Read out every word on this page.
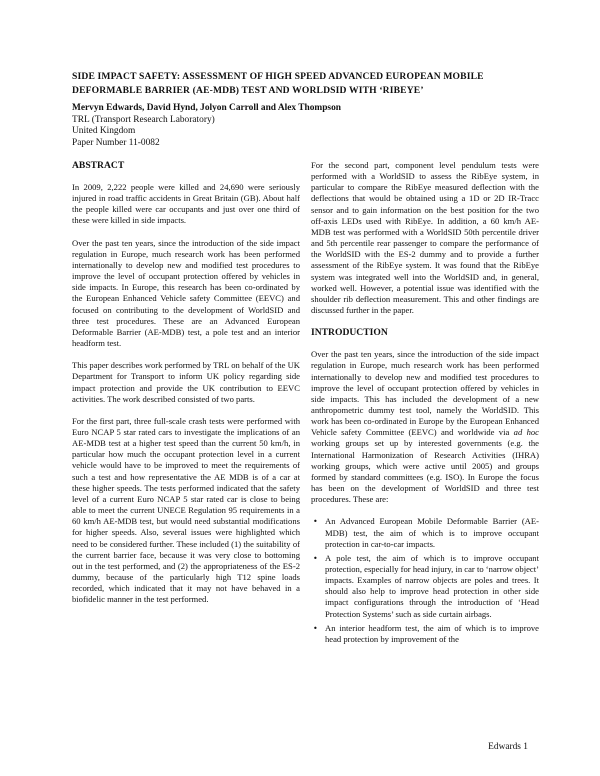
SIDE IMPACT SAFETY: ASSESSMENT OF HIGH SPEED ADVANCED EUROPEAN MOBILE DEFORMABLE BARRIER (AE-MDB) TEST AND WORLDSID WITH ‘RIBEYE’
Mervyn Edwards, David Hynd, Jolyon Carroll and Alex Thompson
TRL (Transport Research Laboratory)
United Kingdom
Paper Number 11-0082
ABSTRACT

In 2009, 2,222 people were killed and 24,690 were seriously injured in road traffic accidents in Great Britain (GB). About half the people killed were car occupants and just over one third of these were killed in side impacts.

Over the past ten years, since the introduction of the side impact regulation in Europe, much research work has been performed internationally to develop new and modified test procedures to improve the level of occupant protection offered by vehicles in side impacts. In Europe, this research has been co-ordinated by the European Enhanced Vehicle safety Committee (EEVC) and focused on contributing to the development of WorldSID and three test procedures. These are an Advanced European Deformable Barrier (AE-MDB) test, a pole test and an interior headform test.

This paper describes work performed by TRL on behalf of the UK Department for Transport to inform UK policy regarding side impact protection and provide the UK contribution to EEVC activities. The work described consisted of two parts.

For the first part, three full-scale crash tests were performed with Euro NCAP 5 star rated cars to investigate the implications of an AE-MDB test at a higher test speed than the current 50 km/h, in particular how much the occupant protection level in a current vehicle would have to be improved to meet the requirements of such a test and how representative the AE MDB is of a car at these higher speeds. The tests performed indicated that the safety level of a current Euro NCAP 5 star rated car is close to being able to meet the current UNECE Regulation 95 requirements in a 60 km/h AE-MDB test, but would need substantial modifications for higher speeds. Also, several issues were highlighted which need to be considered further. These included (1) the suitability of the current barrier face, because it was very close to bottoming out in the test performed, and (2) the appropriateness of the ES-2 dummy, because of the particularly high T12 spine loads recorded, which indicated that it may not have behaved in a biofidelic manner in the test performed.

For the second part, component level pendulum tests were performed with a WorldSID to assess the RibEye system, in particular to compare the RibEye measured deflection with the deflections that would be obtained using a 1D or 2D IR-Tracc sensor and to gain information on the best position for the two off-axis LEDs used with RibEye. In addition, a 60 km/h AE-MDB test was performed with a WorldSID 50th percentile driver and 5th percentile rear passenger to compare the performance of the WorldSID with the ES-2 dummy and to provide a further assessment of the RibEye system. It was found that the RibEye system was integrated well into the WorldSID and, in general, worked well. However, a potential issue was identified with the shoulder rib deflection measurement. This and other findings are discussed further in the paper.

INTRODUCTION

Over the past ten years, since the introduction of the side impact regulation in Europe, much research work has been performed internationally to develop new and modified test procedures to improve the level of occupant protection offered by vehicles in side impacts. This has included the development of a new anthropometric dummy test tool, namely the WorldSID. This work has been co-ordinated in Europe by the European Enhanced Vehicle safety Committee (EEVC) and worldwide via ad hoc working groups set up by interested governments (e.g. the International Harmonization of Research Activities (IHRA) working groups, which were active until 2005) and groups formed by standard committees (e.g. ISO). In Europe the focus has been on the development of WorldSID and three test procedures. These are:

• An Advanced European Mobile Deformable Barrier (AE-MDB) test, the aim of which is to improve occupant protection in car-to-car impacts.
• A pole test, the aim of which is to improve occupant protection, especially for head injury, in car to ‘narrow object’ impacts. Examples of narrow objects are poles and trees. It should also help to improve head protection in other side impact configurations through the introduction of ‘Head Protection Systems’ such as side curtain airbags.
• An interior headform test, the aim of which is to improve head protection by improvement of the
Edwards 1
